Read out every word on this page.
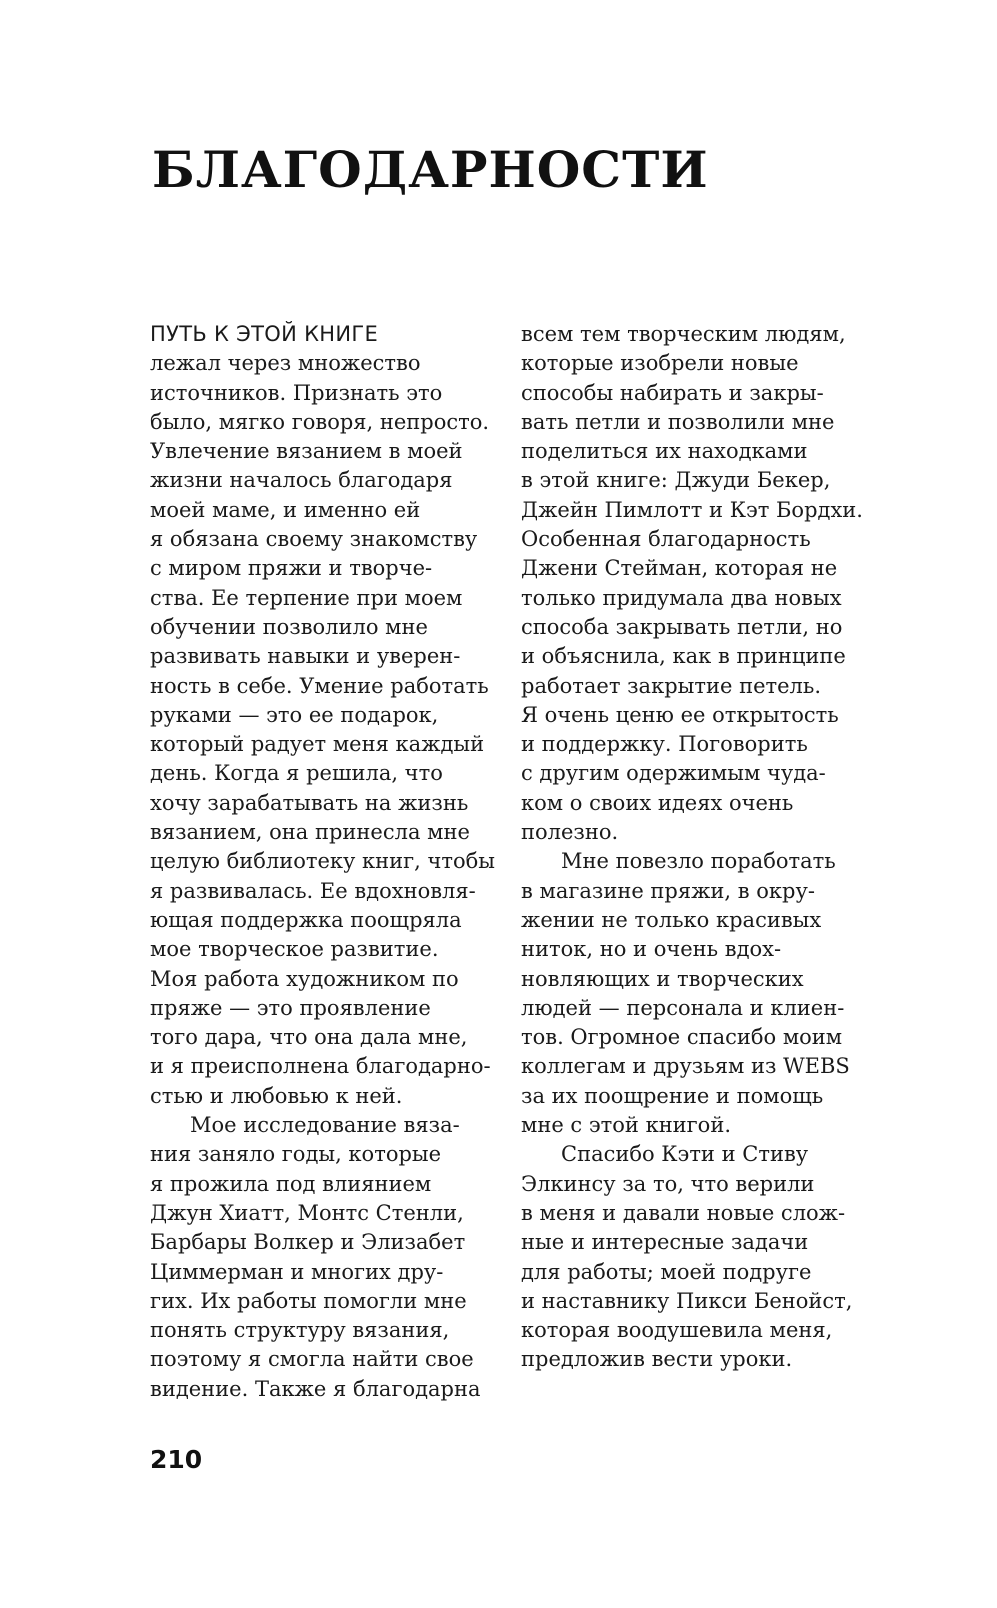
БЛАГОДАРНОСТИ
ПУТЬ К ЭТОЙ КНИГЕ
лежал через множество
источников. Признать это
было, мягко говоря, непросто.
Увлечение вязанием в моей
жизни началось благодаря
моей маме, и именно ей
я обязана своему знакомству
с миром пряжи и творче-
ства. Ее терпение при моем
обучении позволило мне
развивать навыки и уверен-
ность в себе. Умение работать
руками — это ее подарок,
который радует меня каждый
день. Когда я решила, что
хочу зарабатывать на жизнь
вязанием, она принесла мне
целую библиотеку книг, чтобы
я развивалась. Ее вдохновля-
ющая поддержка поощряла
мое творческое развитие.
Моя работа художником по
пряже — это проявление
того дара, что она дала мне,
и я преисполнена благодарно-
стью и любовью к ней.
Мое исследование вяза-
ния заняло годы, которые
я прожила под влиянием
Джун Хиатт, Монтс Стенли,
Барбары Волкер и Элизабет
Циммерман и многих дру-
гих. Их работы помогли мне
понять структуру вязания,
поэтому я смогла найти свое
видение. Также я благодарна
всем тем творческим людям,
которые изобрели новые
способы набирать и закры-
вать петли и позволили мне
поделиться их находками
в этой книге: Джуди Бекер,
Джейн Пимлотт и Кэт Бордхи.
Особенная благодарность
Джени Стейман, которая не
только придумала два новых
способа закрывать петли, но
и объяснила, как в принципе
работает закрытие петель.
Я очень ценю ее открытость
и поддержку. Поговорить
с другим одержимым чуда-
ком о своих идеях очень
полезно.
Мне повезло поработать
в магазине пряжи, в окру-
жении не только красивых
ниток, но и очень вдох-
новляющих и творческих
людей — персонала и клиен-
тов. Огромное спасибо моим
коллегам и друзьям из WEBS
за их поощрение и помощь
мне с этой книгой.
Спасибо Кэти и Стиву
Элкинсу за то, что верили
в меня и давали новые слож-
ные и интересные задачи
для работы; моей подруге
и наставнику Пикси Бенойст,
которая воодушевила меня,
предложив вести уроки.
210
